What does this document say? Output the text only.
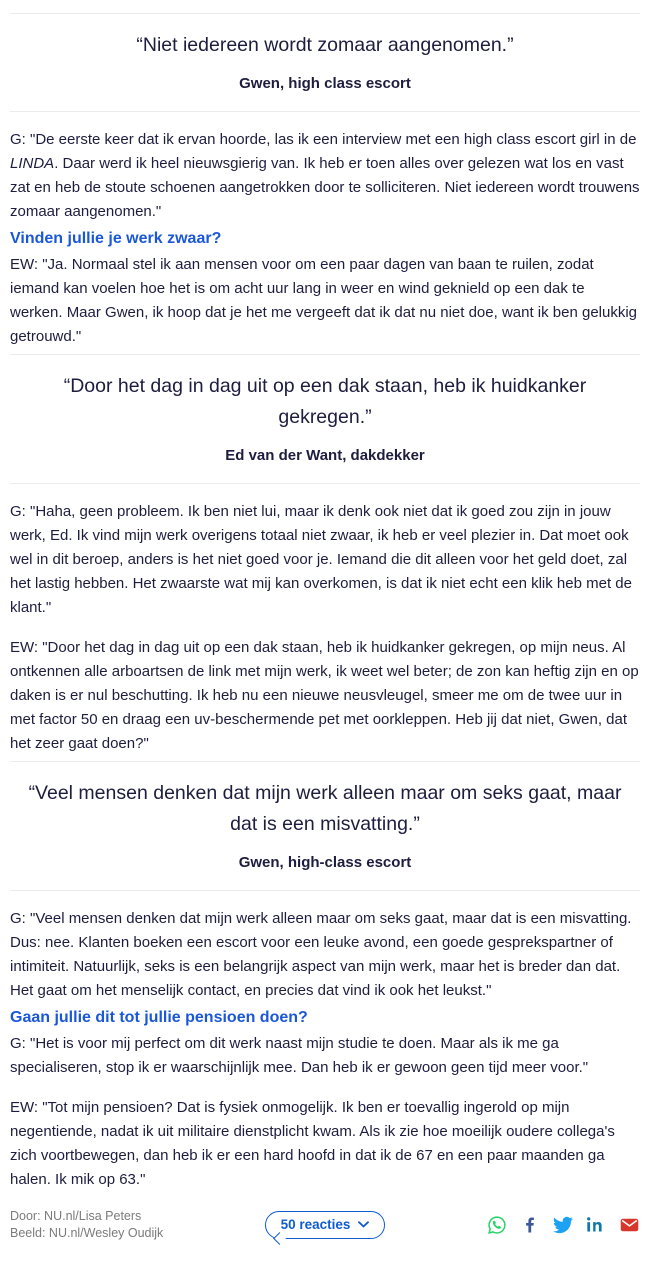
“Niet iedereen wordt zomaar aangenomen.”

Gwen, high class escort

G: "De eerste keer dat ik ervan hoorde, las ik een interview met een high class escort girl in de LINDA. Daar werd ik heel nieuwsgierig van. Ik heb er toen alles over gelezen wat los en vast zat en heb de stoute schoenen aangetrokken door te solliciteren. Niet iedereen wordt trouwens zomaar aangenomen."

Vinden jullie je werk zwaar?

EW: "Ja. Normaal stel ik aan mensen voor om een paar dagen van baan te ruilen, zodat iemand kan voelen hoe het is om acht uur lang in weer en wind geknield op een dak te werken. Maar Gwen, ik hoop dat je het me vergeeft dat ik dat nu niet doe, want ik ben gelukkig getrouwd."

“Door het dag in dag uit op een dak staan, heb ik huidkanker gekregen.”

Ed van der Want, dakdekker

G: "Haha, geen probleem. Ik ben niet lui, maar ik denk ook niet dat ik goed zou zijn in jouw werk, Ed. Ik vind mijn werk overigens totaal niet zwaar, ik heb er veel plezier in. Dat moet ook wel in dit beroep, anders is het niet goed voor je. Iemand die dit alleen voor het geld doet, zal het lastig hebben. Het zwaarste wat mij kan overkomen, is dat ik niet echt een klik heb met de klant."

EW: "Door het dag in dag uit op een dak staan, heb ik huidkanker gekregen, op mijn neus. Al ontkennen alle arboartsen de link met mijn werk, ik weet wel beter; de zon kan heftig zijn en op daken is er nul beschutting. Ik heb nu een nieuwe neusvleugel, smeer me om de twee uur in met factor 50 en draag een uv-beschermende pet met oorkleppen. Heb jij dat niet, Gwen, dat het zeer gaat doen?"

“Veel mensen denken dat mijn werk alleen maar om seks gaat, maar dat is een misvatting.”

Gwen, high-class escort

G: "Veel mensen denken dat mijn werk alleen maar om seks gaat, maar dat is een misvatting. Dus: nee. Klanten boeken een escort voor een leuke avond, een goede gesprekspartner of intimiteit. Natuurlijk, seks is een belangrijk aspect van mijn werk, maar het is breder dan dat. Het gaat om het menselijk contact, en precies dat vind ik ook het leukst."

Gaan jullie dit tot jullie pensioen doen?

G: "Het is voor mij perfect om dit werk naast mijn studie te doen. Maar als ik me ga specialiseren, stop ik er waarschijnlijk mee. Dan heb ik er gewoon geen tijd meer voor."

EW: "Tot mijn pensioen? Dat is fysiek onmogelijk. Ik ben er toevallig ingerold op mijn negentiende, nadat ik uit militaire dienstplicht kwam. Als ik zie hoe moeilijk oudere collega's zich voortbewegen, dan heb ik er een hard hoofd in dat ik de 67 en een paar maanden ga halen. Ik mik op 63."

Door: NU.nl/Lisa Peters
Beeld: NU.nl/Wesley Oudijk
50 reacties
